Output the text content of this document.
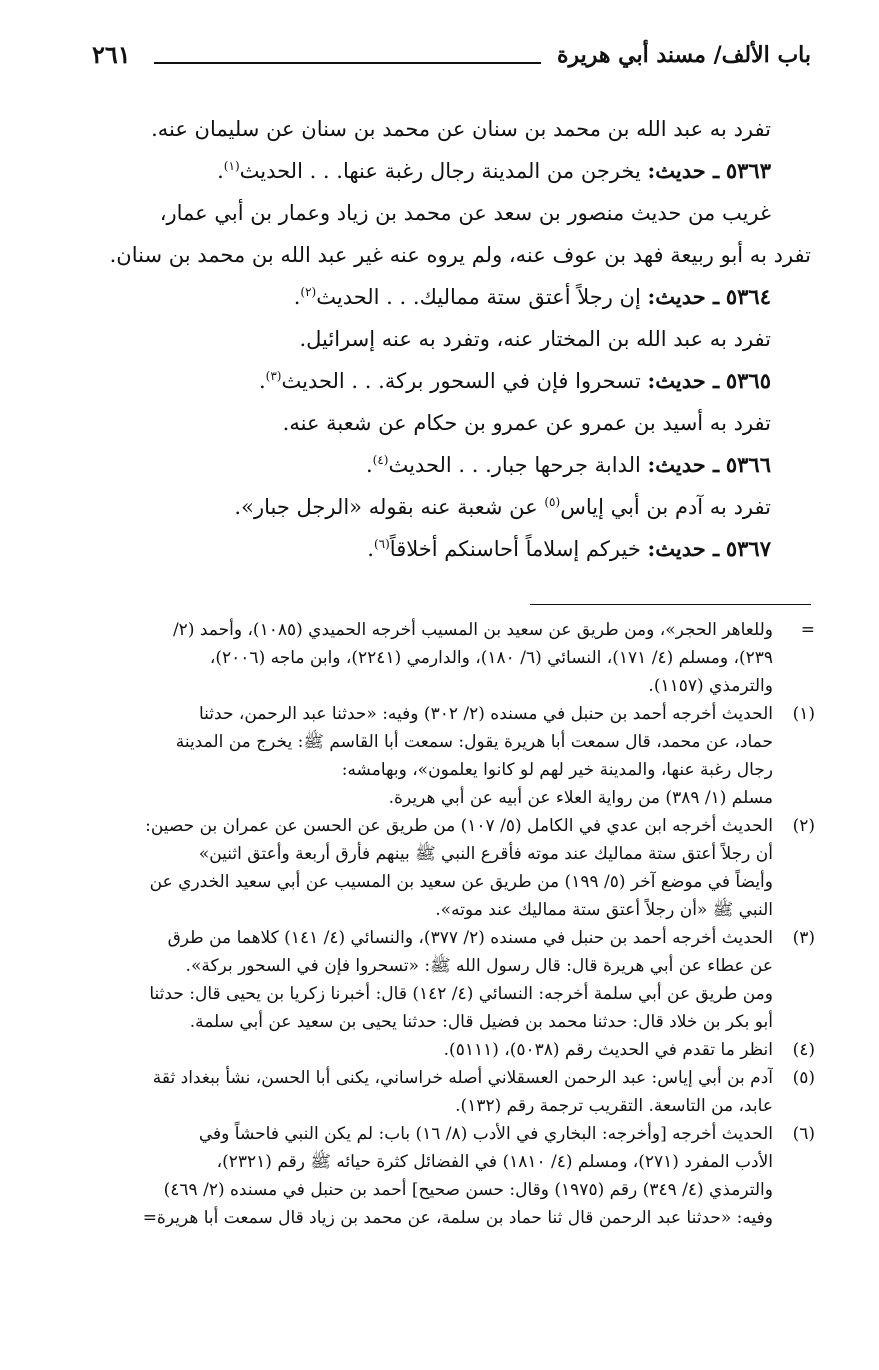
باب الألف/ مسند أبي هريرة
٢٦١
تفرد به عبد الله بن محمد بن سنان عن محمد بن سنان عن سليمان عنه.
٥٣٦٣ ـ حديث: يخرجن من المدينة رجال رغبة عنها. . . الحديث$^{(١)}$.
غريب من حديث منصور بن سعد عن محمد بن زياد وعمار بن أبي عمار،
تفرد به أبو ربيعة فهد بن عوف عنه، ولم يروه عنه غير عبد الله بن محمد بن سنان.
٥٣٦٤ ـ حديث: إن رجلاً أعتق ستة مماليك. . . الحديث$^{(٢)}$.
تفرد به عبد الله بن المختار عنه، وتفرد به عنه إسرائيل.
٥٣٦٥ ـ حديث: تسحروا فإن في السحور بركة. . . الحديث$^{(٣)}$.
تفرد به أسيد بن عمرو عن عمرو بن حكام عن شعبة عنه.
٥٣٦٦ ـ حديث: الدابة جرحها جبار. . . الحديث$^{(٤)}$.
تفرد به آدم بن أبي إياس$^{(٥)}$ عن شعبة عنه بقوله «الرجل جبار».
٥٣٦٧ ـ حديث: خيركم إسلاماً أحاسنكم أخلاقاً$^{(٦)}$.
=
وللعاهر الحجر»، ومن طريق عن سعيد بن المسيب أخرجه الحميدي (١٠٨٥)، وأحمد (٢/
٢٣٩)، ومسلم (٤/ ١٧١)، النسائي (٦/ ١٨٠)، والدارمي (٢٢٤١)، وابن ماجه (٢٠٠٦)،
والترمذي (١١٥٧).
(١)
الحديث أخرجه أحمد بن حنبل في مسنده (٢/ ٣٠٢) وفيه: «حدثنا عبد الرحمن، حدثنا
حماد، عن محمد، قال سمعت أبا هريرة يقول: سمعت أبا القاسم ﷺ: يخرج من المدينة
رجال رغبة عنها، والمدينة خير لهم لو كانوا يعلمون»، وبهامشه:
مسلم (١/ ٣٨٩) من رواية العلاء عن أبيه عن أبي هريرة.
(٢)
الحديث أخرجه ابن عدي في الكامل (٥/ ١٠٧) من طريق عن الحسن عن عمران بن حصين:
أن رجلاً أعتق ستة مماليك عند موته فأقرع النبي ﷺ بينهم فأرق أربعة وأعتق اثنين»
وأيضاً في موضع آخر (٥/ ١٩٩) من طريق عن سعيد بن المسيب عن أبي سعيد الخدري عن
النبي ﷺ «أن رجلاً أعتق ستة مماليك عند موته».
(٣)
الحديث أخرجه أحمد بن حنبل في مسنده (٢/ ٣٧٧)، والنسائي (٤/ ١٤١) كلاهما من طرق
عن عطاء عن أبي هريرة قال: قال رسول الله ﷺ: «تسحروا فإن في السحور بركة».
ومن طريق عن أبي سلمة أخرجه: النسائي (٤/ ١٤٢) قال: أخبرنا زكريا بن يحيى قال: حدثنا
أبو بكر بن خلاد قال: حدثنا محمد بن فضيل قال: حدثنا يحيى بن سعيد عن أبي سلمة.
(٤)
انظر ما تقدم في الحديث رقم (٥٠٣٨)، (٥١١١).
(٥)
آدم بن أبي إياس: عبد الرحمن العسقلاني أصله خراساني، يكنى أبا الحسن، نشأ ببغداد ثقة
عابد، من التاسعة. التقريب ترجمة رقم (١٣٢).
(٦)
الحديث أخرجه [وأخرجه: البخاري في الأدب (٨/ ١٦) باب: لم يكن النبي فاحشاً وفي
الأدب المفرد (٢٧١)، ومسلم (٤/ ١٨١٠) في الفضائل كثرة حيائه ﷺ رقم (٢٣٢١)،
والترمذي (٤/ ٣٤٩) رقم (١٩٧٥) وقال: حسن صحيح] أحمد بن حنبل في مسنده (٢/ ٤٦٩)
وفيه: «حدثنا عبد الرحمن قال ثنا حماد بن سلمة، عن محمد بن زياد قال سمعت أبا هريرة=
